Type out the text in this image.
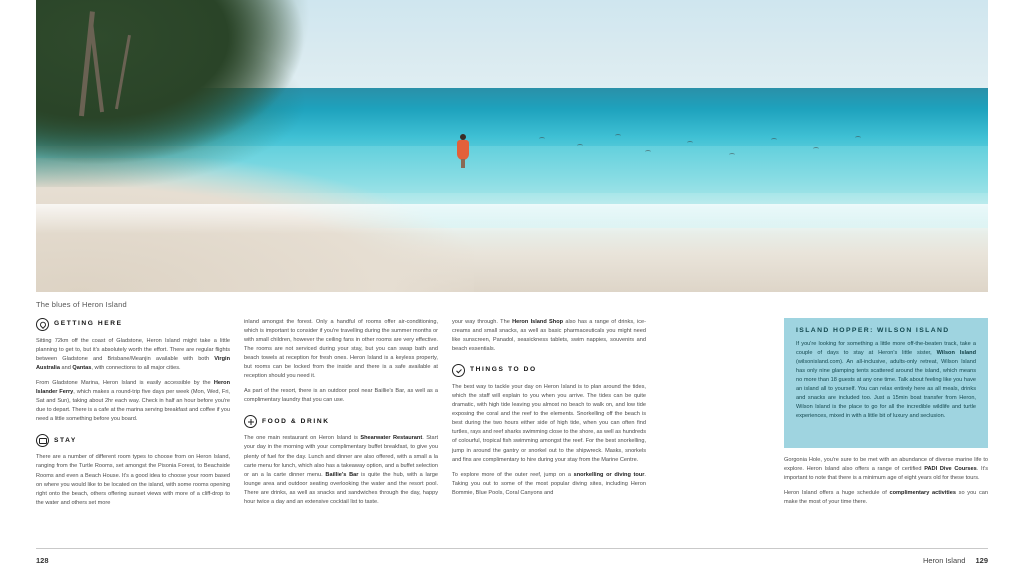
The blues of Heron Island
GETTING HERE

Sitting 72km off the coast of Gladstone, Heron Island might take a little planning to get to, but it's absolutely worth the effort. There are regular flights between Gladstone and Brisbane/Meanjin available with both Virgin Australia and Qantas, with connections to all major cities.

From Gladstone Marina, Heron Island is easily accessible by the Heron Islander Ferry, which makes a round-trip five days per week (Mon, Wed, Fri, Sat and Sun), taking about 2hr each way. Check in half an hour before you're due to depart. There is a cafe at the marina serving breakfast and coffee if you need a little something before you board.

STAY

There are a number of different room types to choose from on Heron Island, ranging from the Turtle Rooms, set amongst the Pisonia Forest, to Beachside Rooms and even a Beach House. It's a good idea to choose your room based on where you would like to be located on the island, with some rooms opening right onto the beach, others offering sunset views with more of a cliff-drop to the water and others set more

inland amongst the forest. Only a handful of rooms offer air-conditioning, which is important to consider if you're travelling during the summer months or with small children, however the ceiling fans in other rooms are very effective. The rooms are not serviced during your stay, but you can swap bath and beach towels at reception for fresh ones. Heron Island is a keyless property, but rooms can be locked from the inside and there is a safe available at reception should you need it.

As part of the resort, there is an outdoor pool near Baillie's Bar, as well as a complimentary laundry that you can use.

FOOD & DRINK

The one main restaurant on Heron Island is Shearwater Restaurant. Start your day in the morning with your complimentary buffet breakfast, to give you plenty of fuel for the day. Lunch and dinner are also offered, with a small a la carte menu for lunch, which also has a takeaway option, and a buffet selection or an a la carte dinner menu. Baillie's Bar is quite the hub, with a large lounge area and outdoor seating overlooking the water and the resort pool. There are drinks, as well as snacks and sandwiches through the day, happy hour twice a day and an extensive cocktail list to taste.

your way through. The Heron Island Shop also has a range of drinks, ice-creams and small snacks, as well as basic pharmaceuticals you might need like sunscreen, Panadol, seasickness tablets, swim nappies, souvenirs and beach essentials.

THINGS TO DO

The best way to tackle your day on Heron Island is to plan around the tides, which the staff will explain to you when you arrive. The tides can be quite dramatic, with high tide leaving you almost no beach to walk on, and low tide exposing the coral and the reef to the elements. Snorkelling off the beach is best during the two hours either side of high tide, when you can often find turtles, rays and reef sharks swimming close to the shore, as well as hundreds of colourful, tropical fish swimming amongst the reef. For the best snorkelling, jump in around the gantry or snorkel out to the shipwreck. Masks, snorkels and fins are complimentary to hire during your stay from the Marine Centre.

To explore more of the outer reef, jump on a snorkelling or diving tour. Taking you out to some of the most popular diving sites, including Heron Bommie, Blue Pools, Coral Canyons and

ISLAND HOPPER: WILSON ISLAND

If you're looking for something a little more off-the-beaten track, take a couple of days to stay at Heron's little sister, Wilson Island (wilsonisland.com). An all-inclusive, adults-only retreat, Wilson Island has only nine glamping tents scattered around the island, which means no more than 18 guests at any one time. Talk about feeling like you have an island all to yourself. You can relax entirely here as all meals, drinks and snacks are included too. Just a 15min boat transfer from Heron, Wilson Island is the place to go for all the incredible wildlife and turtle experiences, mixed in with a little bit of luxury and seclusion.

Gorgonia Hole, you're sure to be met with an abundance of diverse marine life to explore. Heron Island also offers a range of certified PADI Dive Courses. It's important to note that there is a minimum age of eight years old for these tours.

Heron Island offers a huge schedule of complimentary activities so you can make the most of your time there.

128	Heron Island 129
